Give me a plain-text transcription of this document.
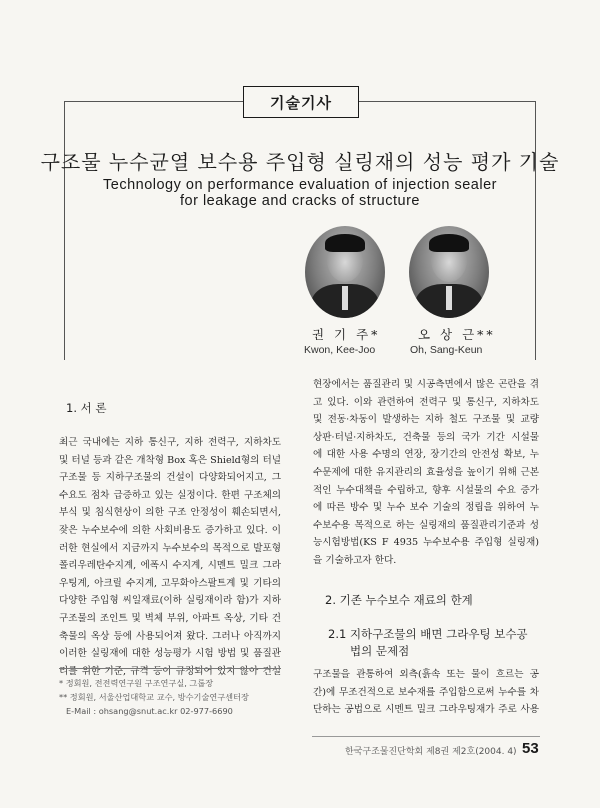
기술기사
구조물 누수균열 보수용 주입형 실링재의 성능 평가 기술
Technology on performance evaluation of injection sealer
for leakage and cracks of structure
권 기 주*
Kwon, Kee-Joo
오 상 근**
Oh, Sang-Keun
1. 서 론
최근 국내에는 지하 통신구, 지하 전력구, 지하차도
및 터널 등과 같은 개착형 Box 혹은 Shield형의 터널
구조물 등 지하구조물의 건설이 다양화되어지고, 그
수요도 점차 급증하고 있는 실정이다. 한편 구조체의
부식 및 침식현상이 의한 구조 안정성이 훼손되면서,
잦은 누수보수에 의한 사회비용도 증가하고 있다. 이
러한 현실에서 지금까지 누수보수의 목적으로 발포형
폴리우레탄수지계, 에폭시 수지계, 시멘트 밀크 그라
우팅계, 아크릴 수지계, 고무화아스팔트계 및 기타의
다양한 주입형 씨일재료(이하 실링재이라 함)가 지하
구조물의 조인트 및 벽체 부위, 아파트 옥상, 기타 건
축물의 옥상 등에 사용되어져 왔다. 그러나 아직까지
이러한 실링재에 대한 성능평가 시험 방법 및 품질관
리를 위한 기준, 규격 등이 규정되어 있지 않아 건설
현장에서는 품질관리 및 시공측면에서 많은 곤란을 겪
고 있다. 이와 관련하여 전력구 및 통신구, 지하차도
및 전동·차동이 발생하는 지하 철도 구조물 및 교량
상판·터널·지하차도, 건축물 등의 국가 기간 시설물
에 대한 사용 수명의 연장, 장기간의 안전성 확보, 누
수문제에 대한 유지관리의 효율성을 높이기 위해 근본
적인 누수대책을 수립하고, 향후 시설물의 수요 증가
에 따른 방수 및 누수 보수 기술의 정립을 위하여 누
수보수용 목적으로 하는 실링재의 품질관리기준과 성
능시험방법(KS F 4935 누수보수용 주입형 실링재)
을 기술하고자 한다.
2. 기존 누수보수 재료의 한계
2.1 지하구조물의 배면 그라우팅 보수공
법의 문제점
구조물을 관통하여 외측(흙속 또는 물이 흐르는 공
간)에 무조건적으로 보수재를 주입함으로써 누수를 차
단하는 공법으로 시멘트 밀크 그라우팅재가 주로 사용
* 정회원, 전전력연구원 구조연구실, 그룹장
** 정회원, 서울산업대학교 교수, 방수기술연구센터장
E-Mail : ohsang@snut.ac.kr 02-977-6690
한국구조물진단학회 제8권 제2호(2004. 4) 53
